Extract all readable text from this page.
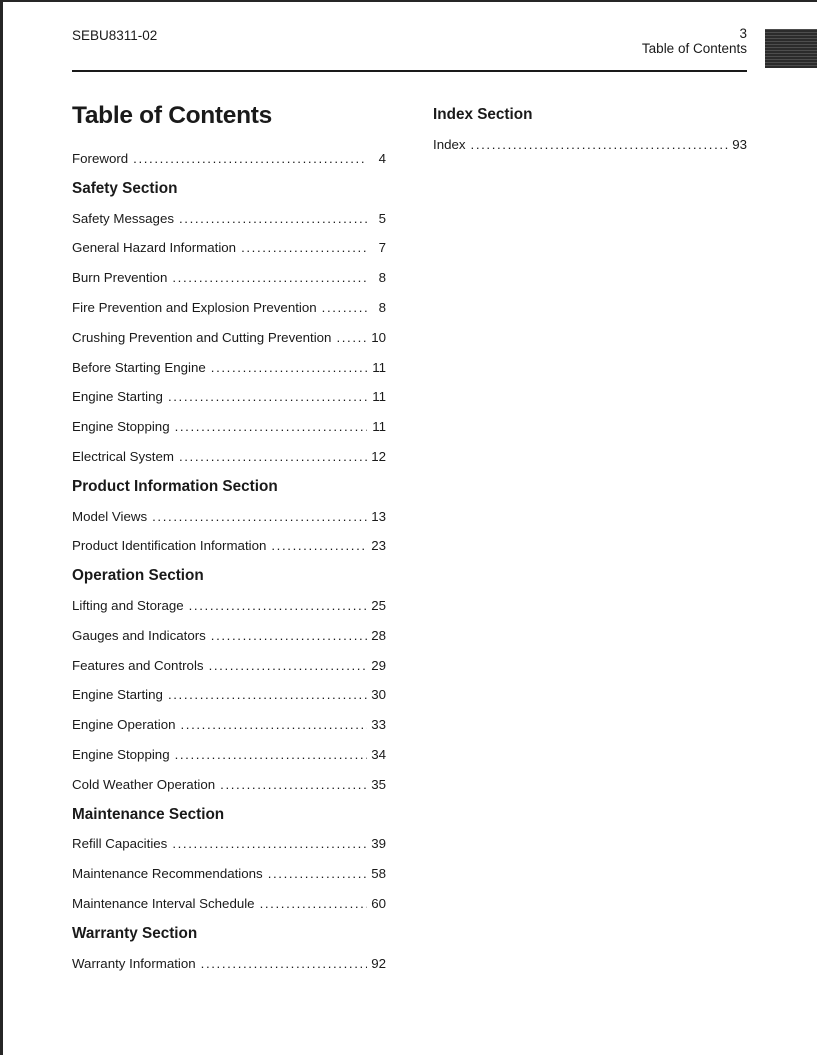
SEBU8311-02	3
Table of Contents
Table of Contents
Foreword .....	4
Safety Section
Safety Messages .....	5
General Hazard Information .....	7
Burn Prevention .....	8
Fire Prevention and Explosion Prevention .....	8
Crushing Prevention and Cutting Prevention .....	10
Before Starting Engine .....	11
Engine Starting .....	11
Engine Stopping .....	11
Electrical System .....	12
Product Information Section
Model Views .....	13
Product Identification Information .....	23
Operation Section
Lifting and Storage .....	25
Gauges and Indicators .....	28
Features and Controls .....	29
Engine Starting .....	30
Engine Operation .....	33
Engine Stopping .....	34
Cold Weather Operation .....	35
Maintenance Section
Refill Capacities .....	39
Maintenance Recommendations .....	58
Maintenance Interval Schedule .....	60
Warranty Section
Warranty Information .....	92
Index Section
Index .....	93
